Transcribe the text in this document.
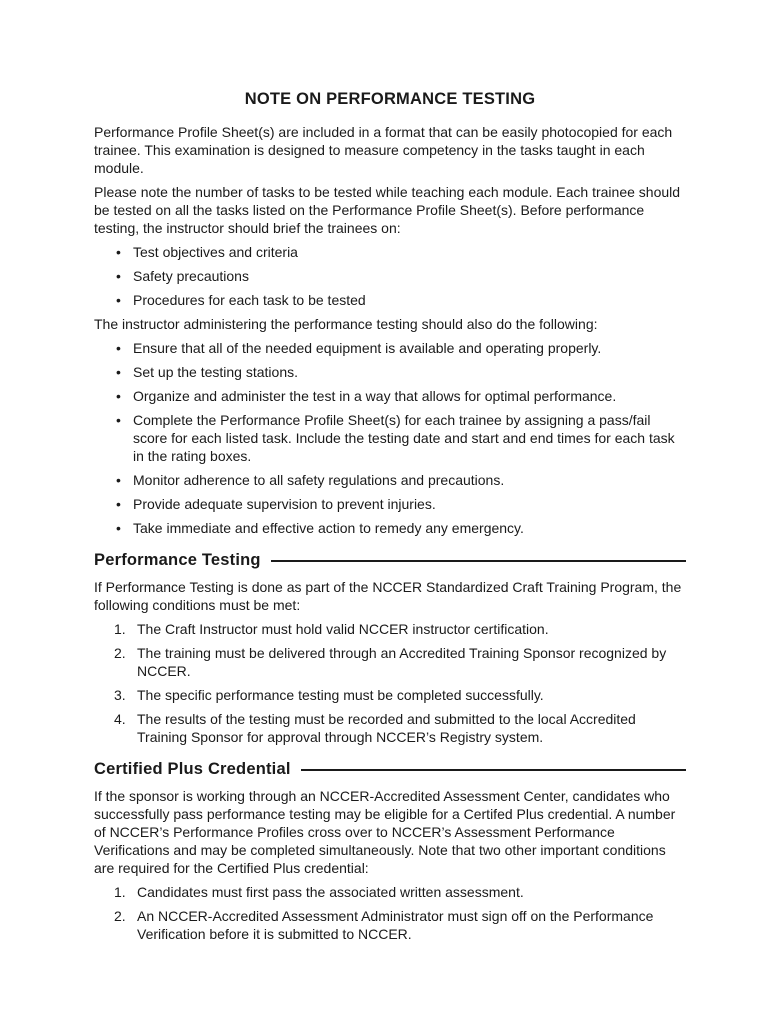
NOTE ON PERFORMANCE TESTING

Performance Profile Sheet(s) are included in a format that can be easily photocopied for each trainee. This examination is designed to measure competency in the tasks taught in each module.

Please note the number of tasks to be tested while teaching each module. Each trainee should be tested on all the tasks listed on the Performance Profile Sheet(s). Before performance testing, the instructor should brief the trainees on:

• Test objectives and criteria
• Safety precautions
• Procedures for each task to be tested

The instructor administering the performance testing should also do the following:

• Ensure that all of the needed equipment is available and operating properly.
• Set up the testing stations.
• Organize and administer the test in a way that allows for optimal performance.
• Complete the Performance Profile Sheet(s) for each trainee by assigning a pass/fail score for each listed task. Include the testing date and start and end times for each task in the rating boxes.
• Monitor adherence to all safety regulations and precautions.
• Provide adequate supervision to prevent injuries.
• Take immediate and effective action to remedy any emergency.
Performance Testing

If Performance Testing is done as part of the NCCER Standardized Craft Training Program, the following conditions must be met:

1. The Craft Instructor must hold valid NCCER instructor certification.
2. The training must be delivered through an Accredited Training Sponsor recognized by NCCER.
3. The specific performance testing must be completed successfully.
4. The results of the testing must be recorded and submitted to the local Accredited Training Sponsor for approval through NCCER’s Registry system.
Certified Plus Credential

If the sponsor is working through an NCCER-Accredited Assessment Center, candidates who successfully pass performance testing may be eligible for a Certifed Plus credential. A number of NCCER’s Performance Profiles cross over to NCCER’s Assessment Performance Verifications and may be completed simultaneously. Note that two other important conditions are required for the Certified Plus credential:

1. Candidates must first pass the associated written assessment.
2. An NCCER-Accredited Assessment Administrator must sign off on the Performance Verification before it is submitted to NCCER.
